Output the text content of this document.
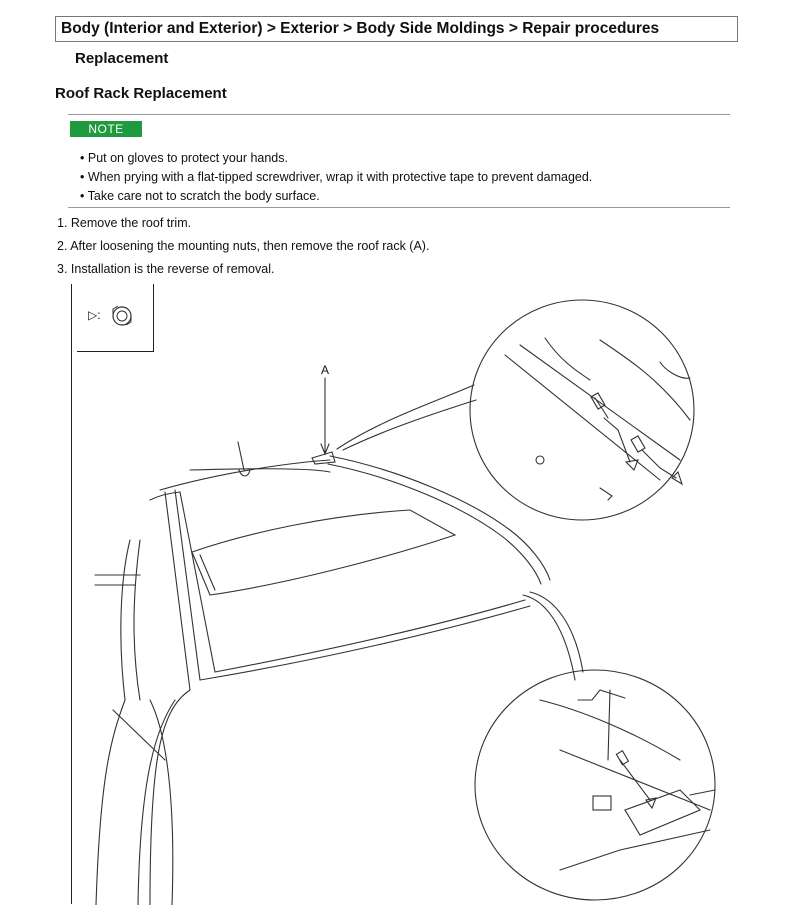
Body (Interior and Exterior) > Exterior > Body Side Moldings > Repair procedures
Replacement
Roof Rack Replacement
NOTE
• Put on gloves to protect your hands.
• When prying with a flat-tipped screwdriver, wrap it with protective tape to prevent damaged.
• Take care not to scratch the body surface.
1. Remove the roof trim.
2. After loosening the mounting nuts, then remove the roof rack (A).
3. Installation is the reverse of removal.
▷:
A
